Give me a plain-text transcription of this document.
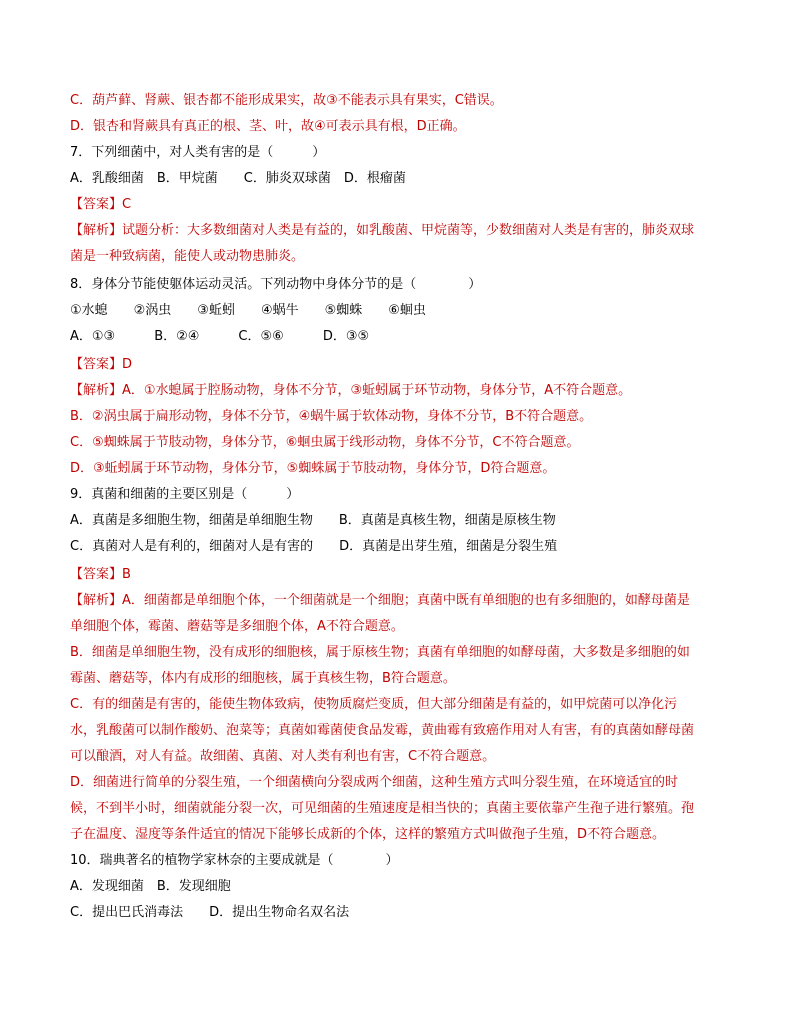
C．葫芦藓、肾蕨、银杏都不能形成果实，故③不能表示具有果实，C错误。
D．银杏和肾蕨具有真正的根、茎、叶，故④可表示具有根，D正确。
7．下列细菌中，对人类有害的是（　　　）
A．乳酸细菌　B．甲烷菌　　C．肺炎双球菌　D．根瘤菌
【答案】C
【解析】试题分析：大多数细菌对人类是有益的，如乳酸菌、甲烷菌等，少数细菌对人类是有害的，肺炎双球
菌是一种致病菌，能使人或动物患肺炎。
8．身体分节能使躯体运动灵活。下列动物中身体分节的是（　　　　）
①水螅　　②涡虫　　③蚯蚓　　④蜗牛　　⑤蜘蛛　　⑥蛔虫
A．①③　　　B．②④　　　C．⑤⑥　　　D．③⑤
【答案】D
【解析】A．①水螅属于腔肠动物，身体不分节，③蚯蚓属于环节动物，身体分节，A不符合题意。
B．②涡虫属于扁形动物，身体不分节，④蜗牛属于软体动物，身体不分节，B不符合题意。
C．⑤蜘蛛属于节肢动物，身体分节，⑥蛔虫属于线形动物，身体不分节，C不符合题意。
D．③蚯蚓属于环节动物，身体分节，⑤蜘蛛属于节肢动物，身体分节，D符合题意。
9．真菌和细菌的主要区别是（　　　）
A．真菌是多细胞生物，细菌是单细胞生物　　B．真菌是真核生物，细菌是原核生物
C．真菌对人是有利的，细菌对人是有害的　　D．真菌是出芽生殖，细菌是分裂生殖
【答案】B
【解析】A．细菌都是单细胞个体，一个细菌就是一个细胞；真菌中既有单细胞的也有多细胞的，如酵母菌是
单细胞个体，霉菌、蘑菇等是多细胞个体，A不符合题意。
B．细菌是单细胞生物，没有成形的细胞核，属于原核生物；真菌有单细胞的如酵母菌，大多数是多细胞的如
霉菌、蘑菇等，体内有成形的细胞核，属于真核生物，B符合题意。
C．有的细菌是有害的，能使生物体致病，使物质腐烂变质，但大部分细菌是有益的，如甲烷菌可以净化污
水，乳酸菌可以制作酸奶、泡菜等；真菌如霉菌使食品发霉，黄曲霉有致癌作用对人有害，有的真菌如酵母菌
可以酿酒，对人有益。故细菌、真菌、对人类有利也有害，C不符合题意。
D．细菌进行简单的分裂生殖，一个细菌横向分裂成两个细菌，这种生殖方式叫分裂生殖，在环境适宜的时
候，不到半小时，细菌就能分裂一次，可见细菌的生殖速度是相当快的；真菌主要依靠产生孢子进行繁殖。孢
子在温度、湿度等条件适宜的情况下能够长成新的个体，这样的繁殖方式叫做孢子生殖，D不符合题意。
10．瑞典著名的植物学家林奈的主要成就是（　　　　）
A．发现细菌　B．发现细胞
C．提出巴氏消毒法　　D．提出生物命名双名法
